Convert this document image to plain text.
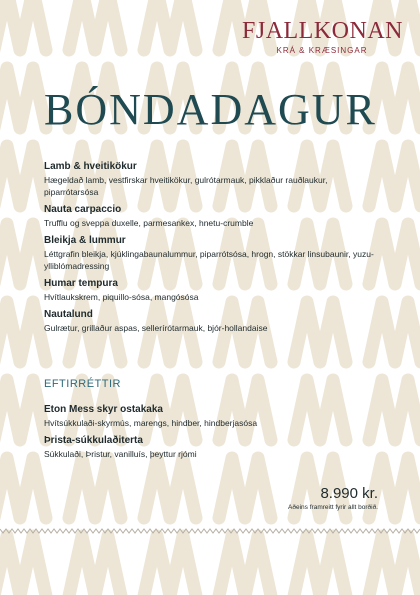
FJALLKONAN
KRÁ & KRÆSINGAR
BÓNDADAGUR
Lamb & hveitikökur
Hægeldað lamb, vestfirskar hveitikökur, gulrótarmauk, pikklaður rauðlaukur, piparrótarsósa
Nauta carpaccio
Trufflu og sveppa duxelle, parmesankex, hnetu-crumble
Bleikja & lummur
Léttgrafin bleikja, kjúklingabaunalummur, piparrótsósa, hrogn, stökkar linsubaunir, yuzu-ylliblómadressing
Humar tempura
Hvítlaukskrem, piquillo-sósa, mangósósa
Nautalund
Gulrætur, grillaður aspas, sellerírótarmauk, bjór-hollandaise
EFTIRRÉTTIR
Eton Mess skyr ostakaka
Hvítsúkkulaði-skyrmús, marengs, hindber, hindberjasósa
Þrista-súkkulaðiterta
Súkkulaði, Þristur, vanilluís, þeyttur rjómi
8.990 kr.
Aðeins framreitt fyrir allt borðið.
